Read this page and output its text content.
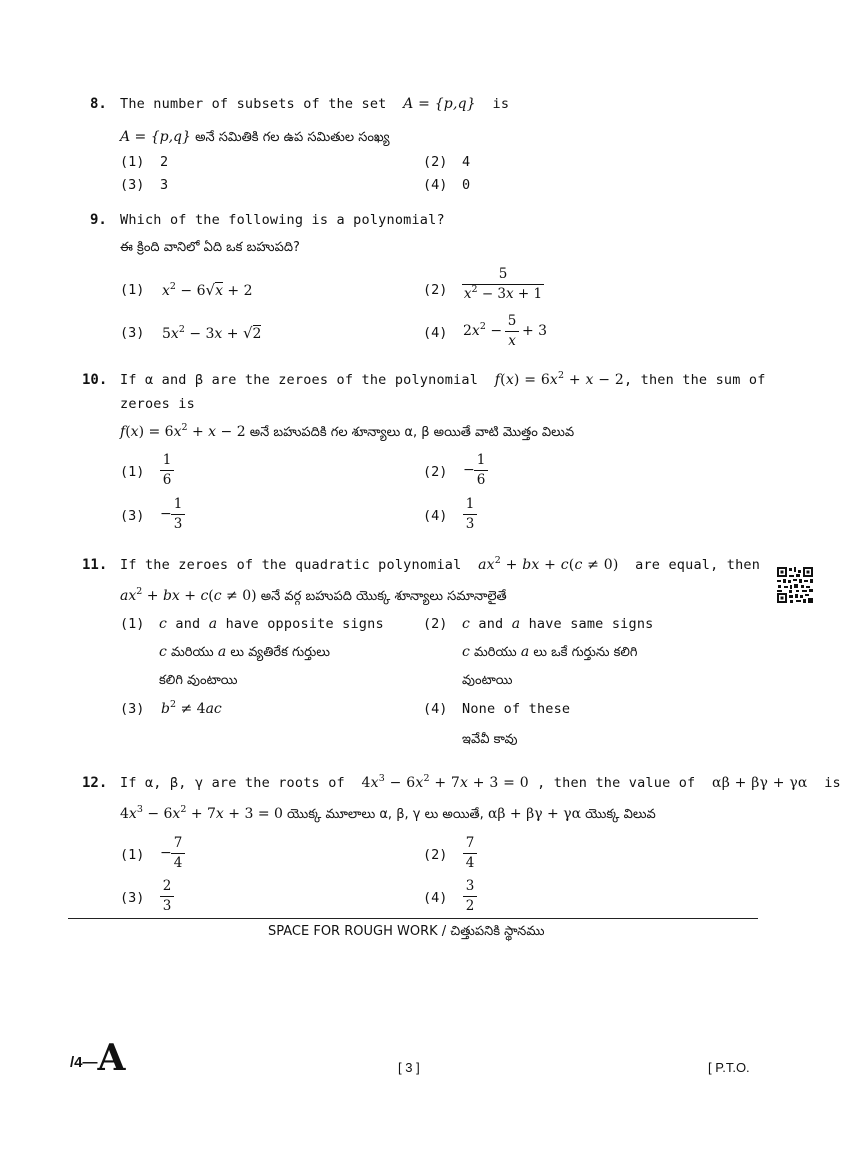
8. The number of subsets of the set A = {p,q} is
A = {p,q} అనే సమితికి గల ఉప సమితుల సంఖ్య
(1) 2	(2) 4
(3) 3	(4) 0
9. Which of the following is a polynomial?
ఈ క్రింది వానిలో ఏది ఒక బహుపది?
(1) $x^2 - 6√x + 2$	(2)
5
$x^2 - 3x + 1$
(3) $5x^2 - 3x + √2$	(4) $2x^2$ −
5
x
+ 3
10. If α and β are the zeroes of the polynomial $f(x) = 6x^2 + x - 2$, then the sum of
zeroes is
$f(x) = 6x^2 + x - 2$ అనే బహుపదికి గల శూన్యాలు α, β అయితే వాటి మొత్తం విలువ
(1)
1
6	(2) −
1
6
(3) −
1
3	(4)
1
3
11. If the zeroes of the quadratic polynomial $ax^2$ + bx + c(c ≠ 0) are equal, then
$ax^2$ + bx + c(c ≠ 0) అనే వర్గ బహుపది యొక్క శూన్యాలు సమానాలైతే
(1) c and a have opposite signs
c మరియు a లు వ్యతిరేక గుర్తులు
కలిగి వుంటాయి
(2) c and a have same signs
c మరియు a లు ఒకే గుర్తును కలిగి
వుంటాయి
(3) $b^2 \ne 4ac$	(4) None of these
ఇవేవీ కావు
12. If α, β, γ are the roots of $4x^3 - 6x^2 + 7x + 3 = 0$ , then the value of αβ + βγ + γα is
$4x^3 - 6x^2 + 7x + 3 = 0$ యొక్క మూలాలు α, β, γ లు అయితే, αβ + βγ + γα యొక్క విలువ
(1) −
7
4	(2)
7
4
(3)
2
3	(4)
3
2
SPACE FOR ROUGH WORK / చిత్తుపనికి స్థానము
/4—A	[ 3 ]	[ P.T.O.
